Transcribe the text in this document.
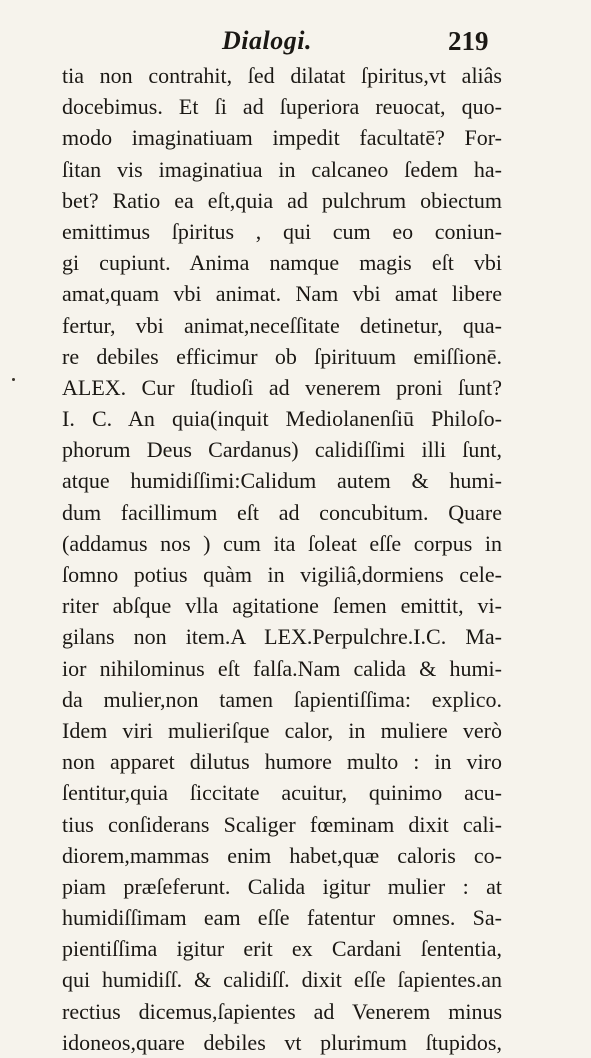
Dialogi.	219
tia non contrahit, ſed dilatat ſpiritus,vt aliâs
docebimus. Et ſi ad ſuperiora reuocat, quo-
modo imaginatiuam impedit facultatē? For-
ſitan vis imaginatiua in calcaneo ſedem ha-
bet? Ratio ea eſt,quia ad pulchrum obiectum
emittimus ſpiritus , qui cum eo coniun-
gi cupiunt. Anima namque magis eſt vbi
amat,quam vbi animat. Nam vbi amat libere
fertur, vbi animat,neceſſitate detinetur, qua-
re debiles efficimur ob ſpirituum emiſſionē.
ALEX. Cur ſtudioſi ad venerem proni ſunt?
I. C. An quia(inquit Mediolanenſiū Philoſo-
phorum Deus Cardanus) calidiſſimi illi ſunt,
atque humidiſſimi:Calidum autem & humi-
dum facillimum eſt ad concubitum. Quare
(addamus nos ) cum ita ſoleat eſſe corpus in
ſomno potius quàm in vigiliâ,dormiens cele-
riter abſque vlla agitatione ſemen emittit, vi-
gilans non item.A LEX.Perpulchre.I.C. Ma-
ior nihilominus eſt falſa.Nam calida & humi-
da mulier,non tamen ſapientiſſima: explico.
Idem viri mulieriſque calor, in muliere verò
non apparet dilutus humore multo : in viro
ſentitur,quia ſiccitate acuitur, quinimo acu-
tius conſiderans Scaliger fœminam dixit cali-
diorem,mammas enim habet,quæ caloris co-
piam præſeferunt. Calida igitur mulier : at
humidiſſimam eam eſſe fatentur omnes. Sa-
pientiſſima igitur erit ex Cardani ſententia,
qui humidiſſ. & calidiſſ. dixit eſſe ſapientes.an
rectius dicemus,ſapientes ad Venerem minus
idoneos,quare debiles vt plurimum ſtupidos,
